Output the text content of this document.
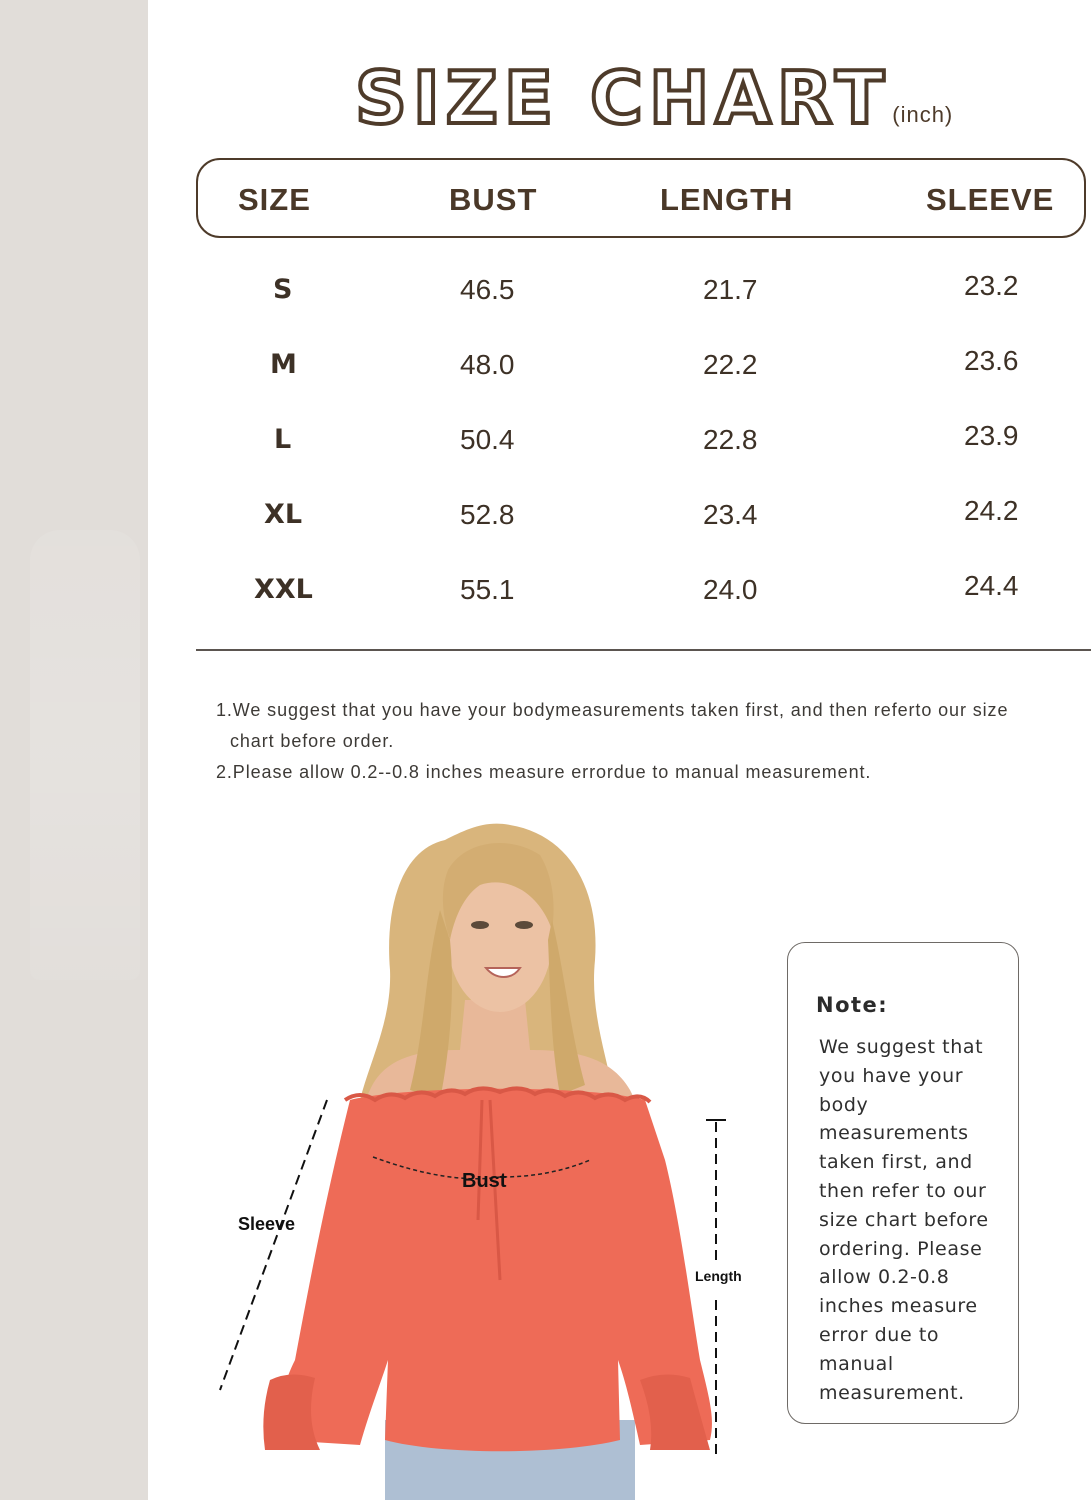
SIZE CHART (inch)
SIZE	BUST	LENGTH	SLEEVE
S	46.5	21.7	23.2
M	48.0	22.2	23.6
L	50.4	22.8	23.9
XL	52.8	23.4	24.2
XXL	55.1	24.0	24.4

1.We suggest that you have your bodymeasurements taken first, and then referto our size

chart before order.

2.Please allow 0.2--0.8 inches measure errordue to manual measurement.

Bust
Sleeve
Length
Note:
We suggest that you have your body measurements taken first, and then refer to our size chart before ordering. Please allow 0.2-0.8 inches measure error due to manual measurement.
